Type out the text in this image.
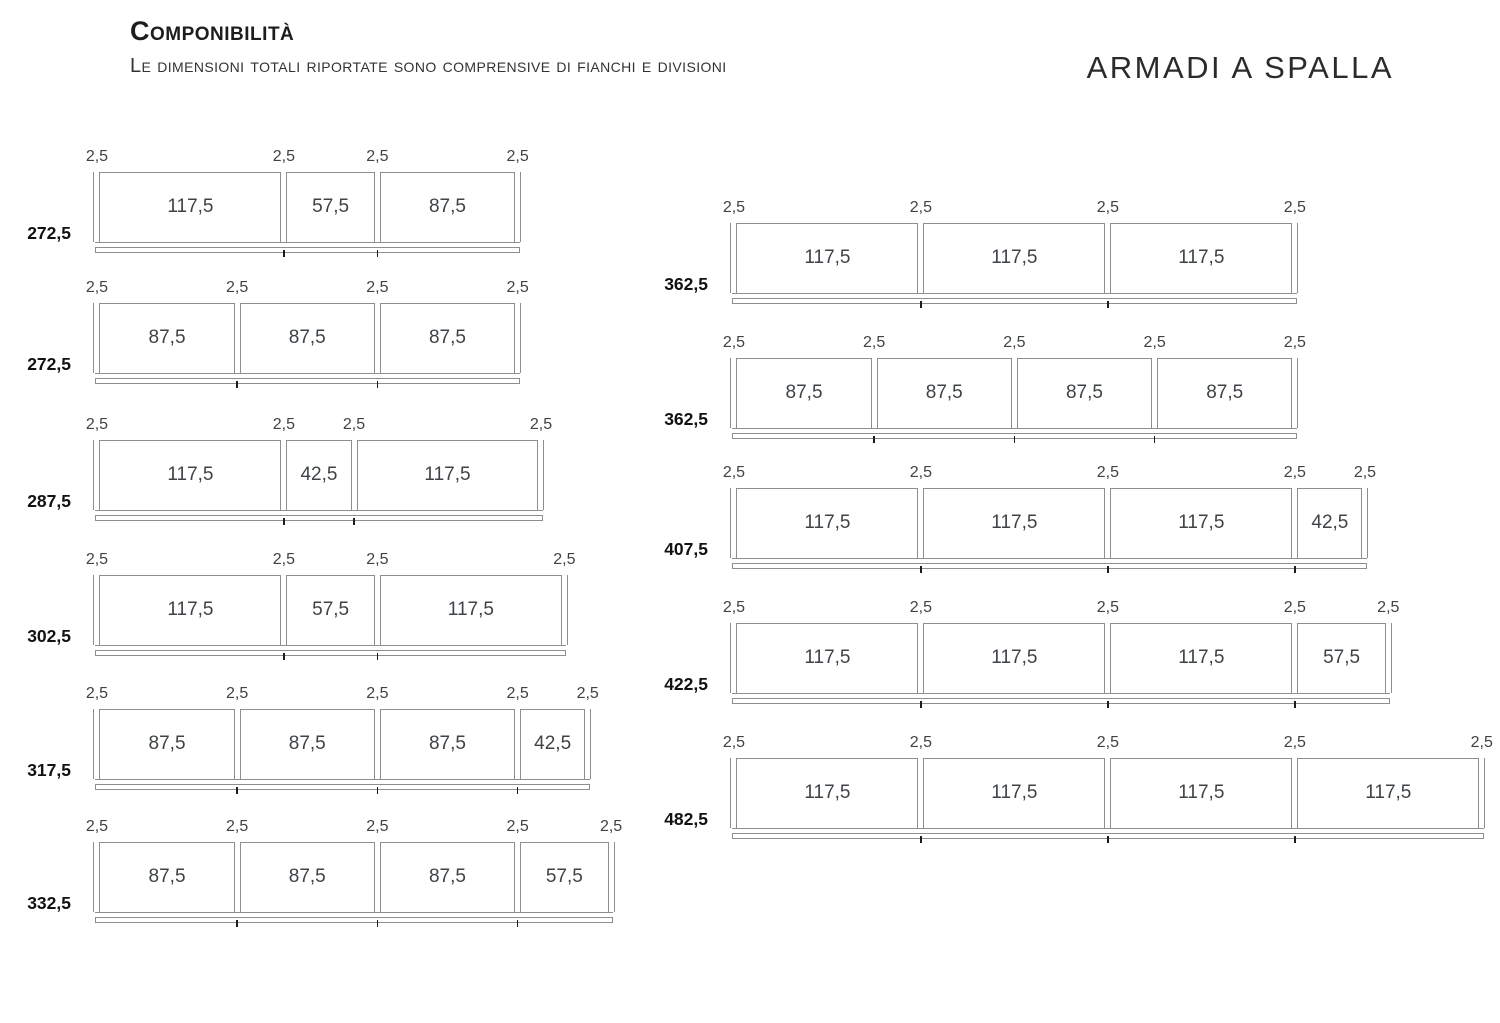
Componibilità
Le dimensioni totali riportate sono comprensive di fianchi e divisioni	ARMADI A SPALLA
2,5	2,5	2,5	2,5
117,5	57,5	87,5
272,5
2,5	2,5	2,5	2,5
87,5	87,5	87,5
272,5
2,5	2,5	2,5	2,5
117,5	42,5	117,5
287,5
2,5	2,5	2,5	2,5
117,5	57,5	117,5
302,5
2,5	2,5	2,5	2,5	2,5
87,5	87,5	87,5	42,5
317,5
2,5	2,5	2,5	2,5	2,5
87,5	87,5	87,5	57,5
332,5
2,5	2,5	2,5	2,5
117,5	117,5	117,5
362,5
2,5	2,5	2,5	2,5	2,5
87,5	87,5	87,5	87,5
362,5
2,5	2,5	2,5	2,5	2,5
117,5	117,5	117,5	42,5
407,5
2,5	2,5	2,5	2,5	2,5
117,5	117,5	117,5	57,5
422,5
2,5	2,5	2,5	2,5	2,5
117,5	117,5	117,5	117,5
482,5
